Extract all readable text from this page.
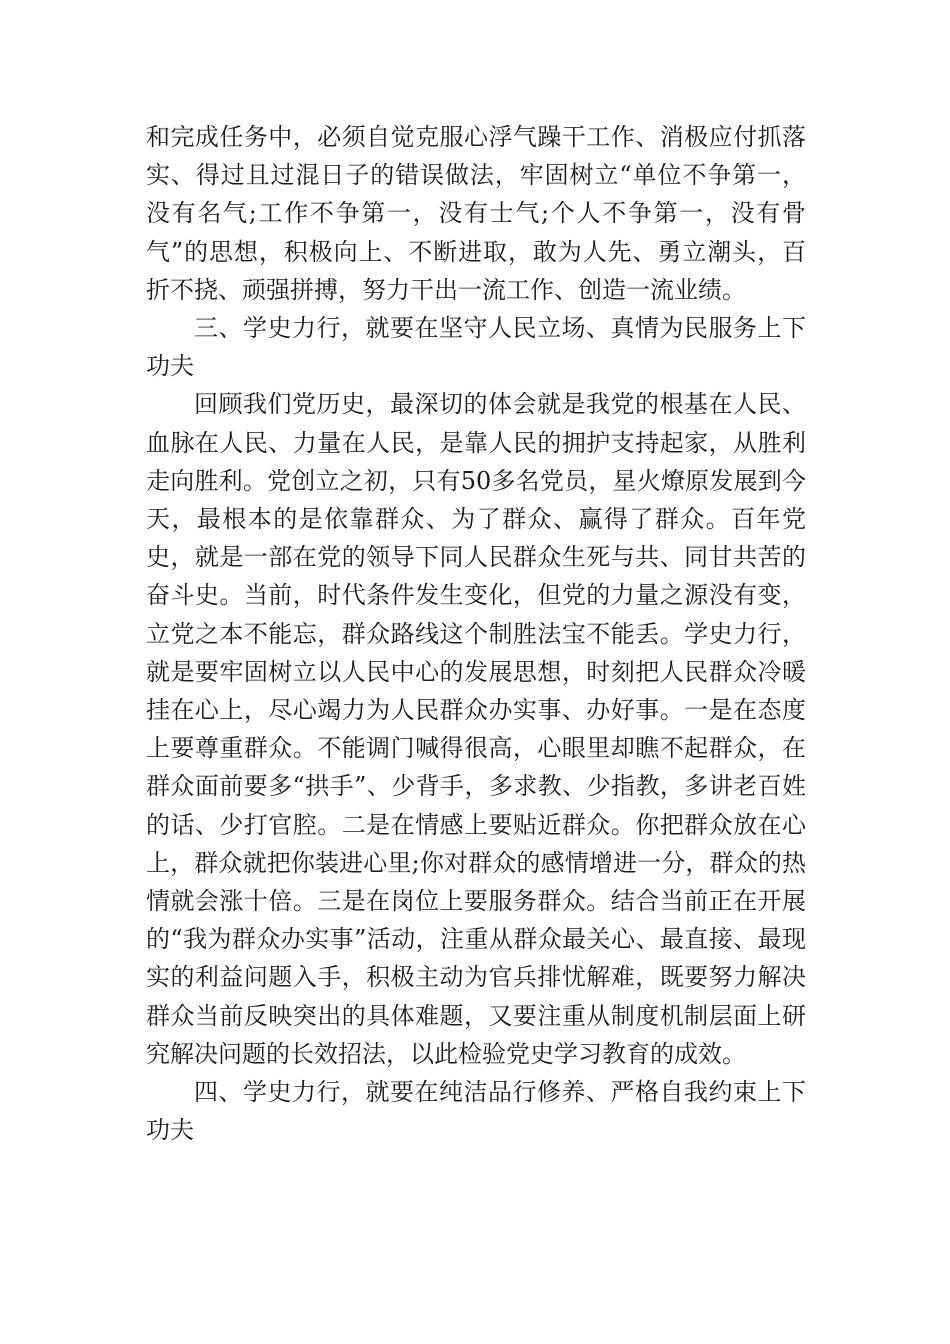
和完成任务中，必须自觉克服心浮气躁干工作、消极应付抓落实、得过且过混日子的错误做法，牢固树立“单位不争第一，没有名气;工作不争第一，没有士气;个人不争第一，没有骨气”的思想，积极向上、不断进取，敢为人先、勇立潮头，百折不挠、顽强拼搏，努力干出一流工作、创造一流业绩。

三、学史力行，就要在坚守人民立场、真情为民服务上下功夫

回顾我们党历史，最深切的体会就是我党的根基在人民、血脉在人民、力量在人民，是靠人民的拥护支持起家，从胜利走向胜利。党创立之初，只有50多名党员，星火燎原发展到今天，最根本的是依靠群众、为了群众、赢得了群众。百年党史，就是一部在党的领导下同人民群众生死与共、同甘共苦的奋斗史。当前，时代条件发生变化，但党的力量之源没有变，立党之本不能忘，群众路线这个制胜法宝不能丢。学史力行，就是要牢固树立以人民中心的发展思想，时刻把人民群众冷暖挂在心上，尽心竭力为人民群众办实事、办好事。一是在态度上要尊重群众。不能调门喊得很高，心眼里却瞧不起群众，在群众面前要多“拱手”、少背手，多求教、少指教，多讲老百姓的话、少打官腔。二是在情感上要贴近群众。你把群众放在心上，群众就把你装进心里;你对群众的感情增进一分，群众的热情就会涨十倍。三是在岗位上要服务群众。结合当前正在开展的“我为群众办实事”活动，注重从群众最关心、最直接、最现实的利益问题入手，积极主动为官兵排忧解难，既要努力解决群众当前反映突出的具体难题，又要注重从制度机制层面上研究解决问题的长效招法，以此检验党史学习教育的成效。

四、学史力行，就要在纯洁品行修养、严格自我约束上下功夫
